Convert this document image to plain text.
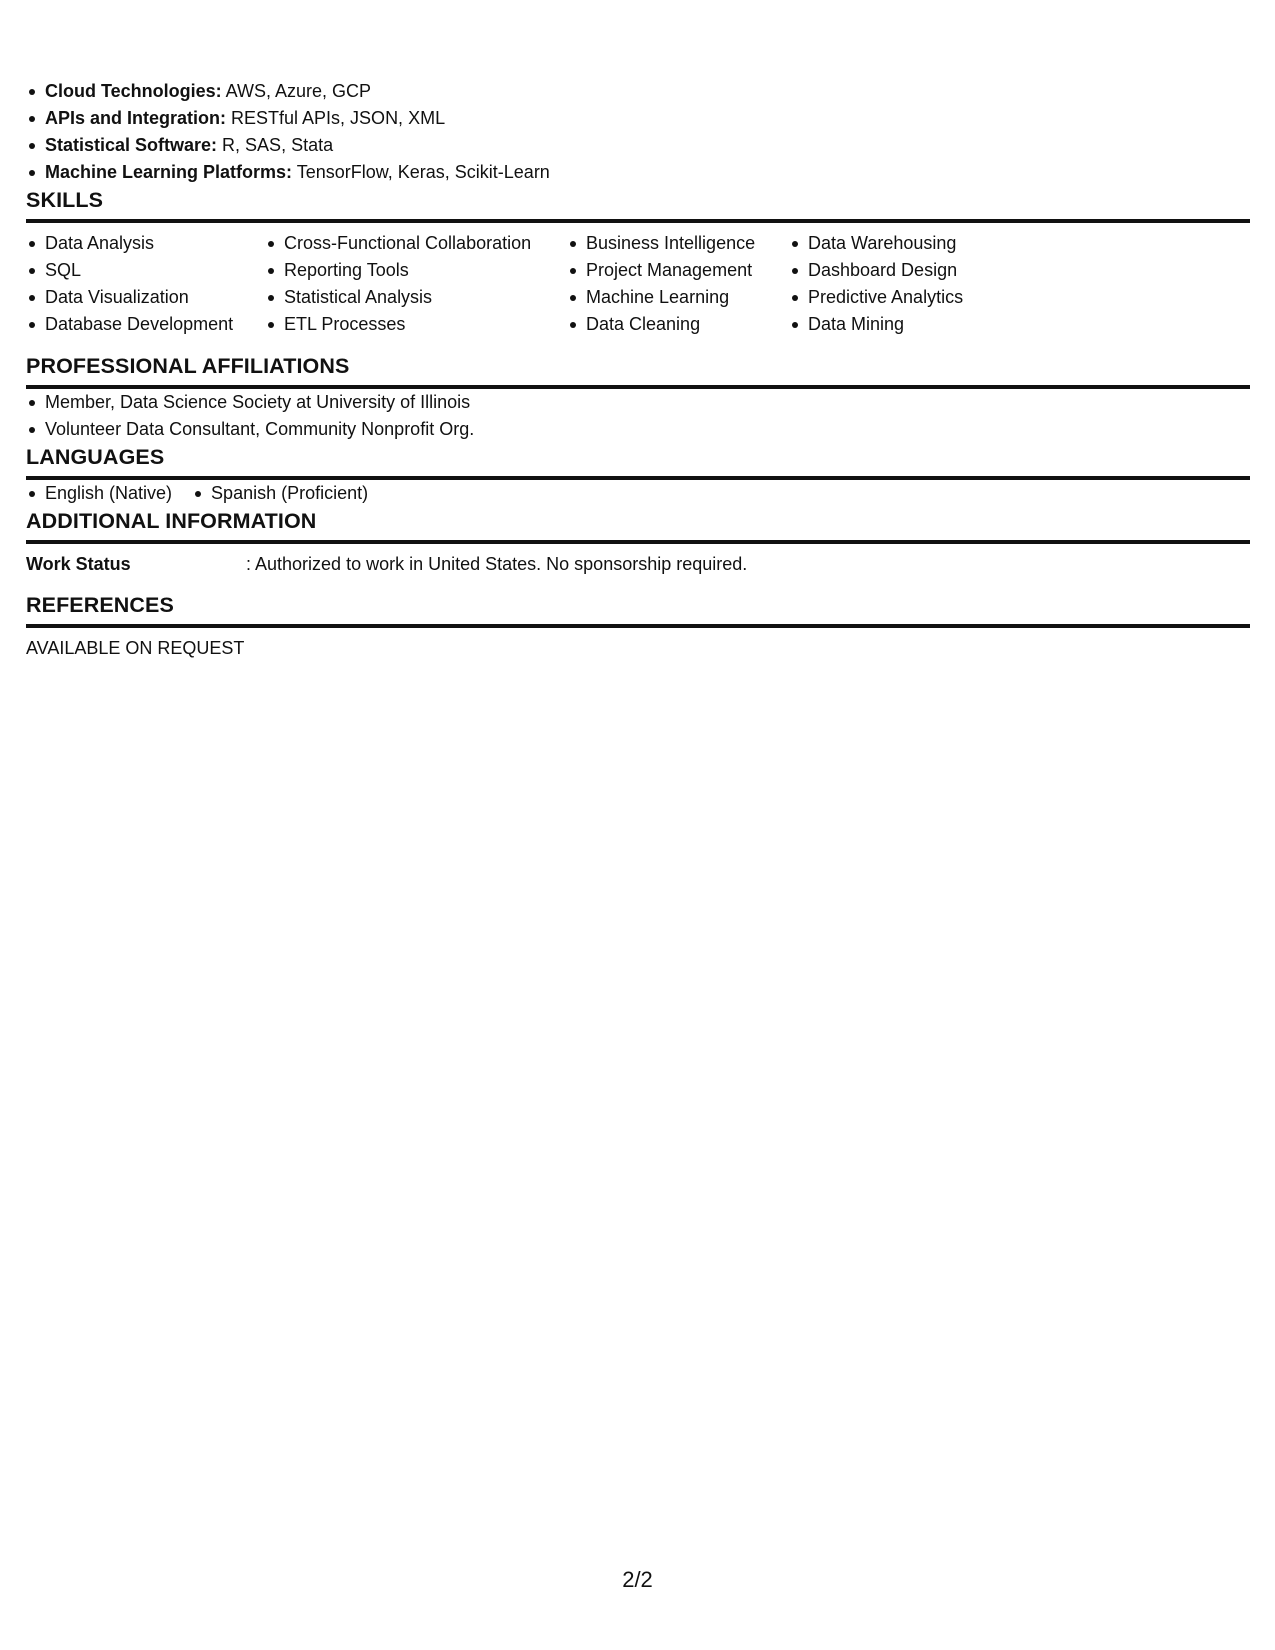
Cloud Technologies: AWS, Azure, GCP
APIs and Integration: RESTful APIs, JSON, XML
Statistical Software: R, SAS, Stata
Machine Learning Platforms: TensorFlow, Keras, Scikit-Learn
SKILLS
Data Analysis
SQL
Data Visualization
Database Development
Cross-Functional Collaboration
Reporting Tools
Statistical Analysis
ETL Processes
Business Intelligence
Project Management
Machine Learning
Data Cleaning
Data Warehousing
Dashboard Design
Predictive Analytics
Data Mining
PROFESSIONAL AFFILIATIONS
Member, Data Science Society at University of Illinois
Volunteer Data Consultant, Community Nonprofit Org.
LANGUAGES
English (Native)	Spanish (Proficient)
ADDITIONAL INFORMATION
Work Status	: Authorized to work in United States. No sponsorship required.
REFERENCES
AVAILABLE ON REQUEST
2/2
